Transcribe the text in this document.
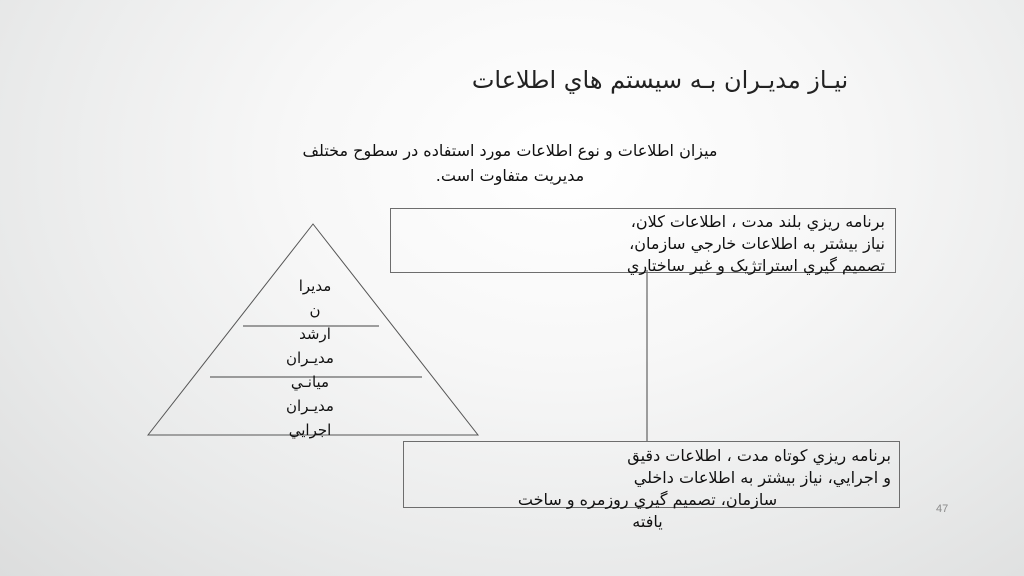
نيـاز مديـران بـه سيستم هاي اطلاعات
ميزان اطلاعات و نوع اطلاعات مورد استفاده در سطوح مختلف
مديريت متفاوت است.
مديرا
ن
ارشد
مديـران
ميانـي
مديـران
اجرايي
برنامه ريزي بلند مدت ، اطلاعات کلان،
نياز بيشتر به اطلاعات خارجي سازمان،
تصميم گيري استراتژيک و غير ساختاري
برنامه ريزي کوتاه مدت ، اطلاعات دقيق
و اجرايي، نياز بيشتر به اطلاعات داخلي
سازمان، تصميم گيري روزمره و ساخت
يافته
47
